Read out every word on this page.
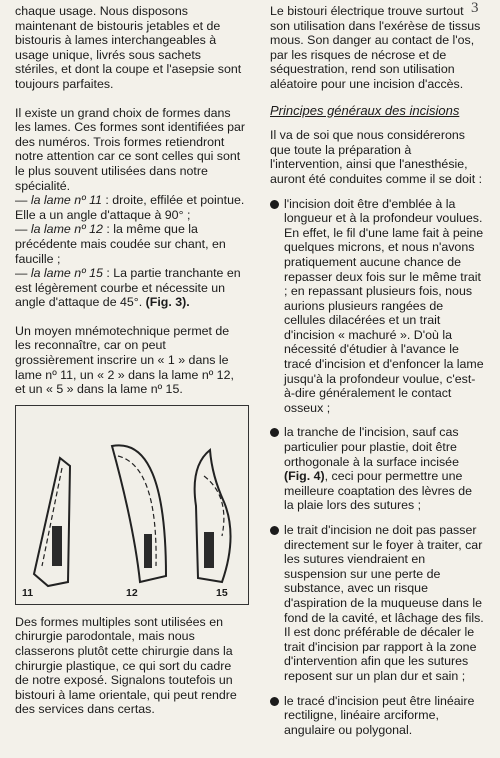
3

chaque usage. Nous disposons maintenant de bistouris jetables et de bistouris à lames interchangeables à usage unique, livrés sous sachets stériles, et dont la coupe et l'asepsie sont toujours parfaites.

Il existe un grand choix de formes dans les lames. Ces formes sont identifiées par des numéros. Trois formes retiendront notre attention car ce sont celles qui sont le plus souvent utilisées dans notre spécialité.

— la lame nº 11 : droite, effilée et pointue. Elle a un angle d'attaque à 90° ;

— la lame nº 12 : la même que la précédente mais coudée sur chant, en faucille ;

— la lame nº 15 : La partie tranchante en est légèrement courbe et nécessite un angle d'attaque de 45°. (Fig. 3).

Un moyen mnémotechnique permet de les reconnaître, car on peut grossièrement inscrire un « 1 » dans le lame nº 11, un « 2 » dans la lame nº 12, et un « 5 » dans la lame nº 15.

11	12	15

Des formes multiples sont utilisées en chirurgie parodontale, mais nous classerons plutôt cette chirurgie dans la chirurgie plastique, ce qui sort du cadre de notre exposé. Signalons toutefois un bistouri à lame orientale, qui peut rendre des services dans certas.

Le bistouri électrique trouve surtout son utilisation dans l'exérèse de tissus mous. Son danger au contact de l'os, par les risques de nécrose et de séquestration, rend son utilisation aléatoire pour une incision d'accès.

Principes généraux des incisions

Il va de soi que nous considérerons que toute la préparation à l'intervention, ainsi que l'anesthésie, auront été conduites comme il se doit :

l'incision doit être d'emblée à la longueur et à la profondeur voulues. En effet, le fil d'une lame fait à peine quelques microns, et nous n'avons pratiquement aucune chance de repasser deux fois sur le même trait ; en repassant plusieurs fois, nous aurions plusieurs rangées de cellules dilacérées et un trait d'incision « machuré ». D'où la nécessité d'étudier à l'avance le tracé d'incision et d'enfoncer la lame jusqu'à la profondeur voulue, c'est-à-dire généralement le contact osseux ;

la tranche de l'incision, sauf cas particulier pour plastie, doit être orthogonale à la surface incisée (Fig. 4), ceci pour permettre une meilleure coaptation des lèvres de la plaie lors des sutures ;

le trait d'incision ne doit pas passer directement sur le foyer à traiter, car les sutures viendraient en suspension sur une perte de substance, avec un risque d'aspiration de la muqueuse dans le fond de la cavité, et lâchage des fils. Il est donc préférable de décaler le trait d'incision par rapport à la zone d'intervention afin que les sutures reposent sur un plan dur et sain ;

le tracé d'incision peut être linéaire rectiligne, linéaire arciforme, angulaire ou polygonal.
